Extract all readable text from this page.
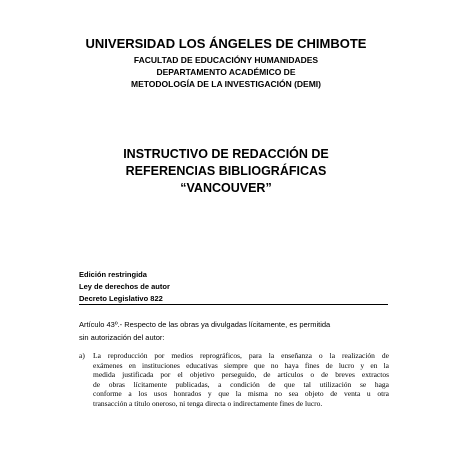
UNIVERSIDAD LOS ÁNGELES DE CHIMBOTE
FACULTAD DE EDUCACIÓNY HUMANIDADES
DEPARTAMENTO ACADÉMICO DE
METODOLOGÍA DE LA INVESTIGACIÓN (DEMI)
INSTRUCTIVO DE REDACCIÓN DE
REFERENCIAS BIBLIOGRÁFICAS
“VANCOUVER”
Edición restringida
Ley de derechos de autor
Decreto Legislativo 822
Artículo 43º.- Respecto de las obras ya divulgadas lícitamente, es permitida
sin autorización del autor:
a) La reproducción por medios reprográficos, para la enseñanza o la realización de
exámenes en instituciones educativas siempre que no haya fines de lucro y en la
medida justificada por el objetivo perseguido, de artículos o de breves extractos
de obras lícitamente publicadas, a condición de que tal utilización se haga
conforme a los usos honrados y que la misma no sea objeto de venta u otra
transacción a título oneroso, ni tenga directa o indirectamente fines de lucro.
